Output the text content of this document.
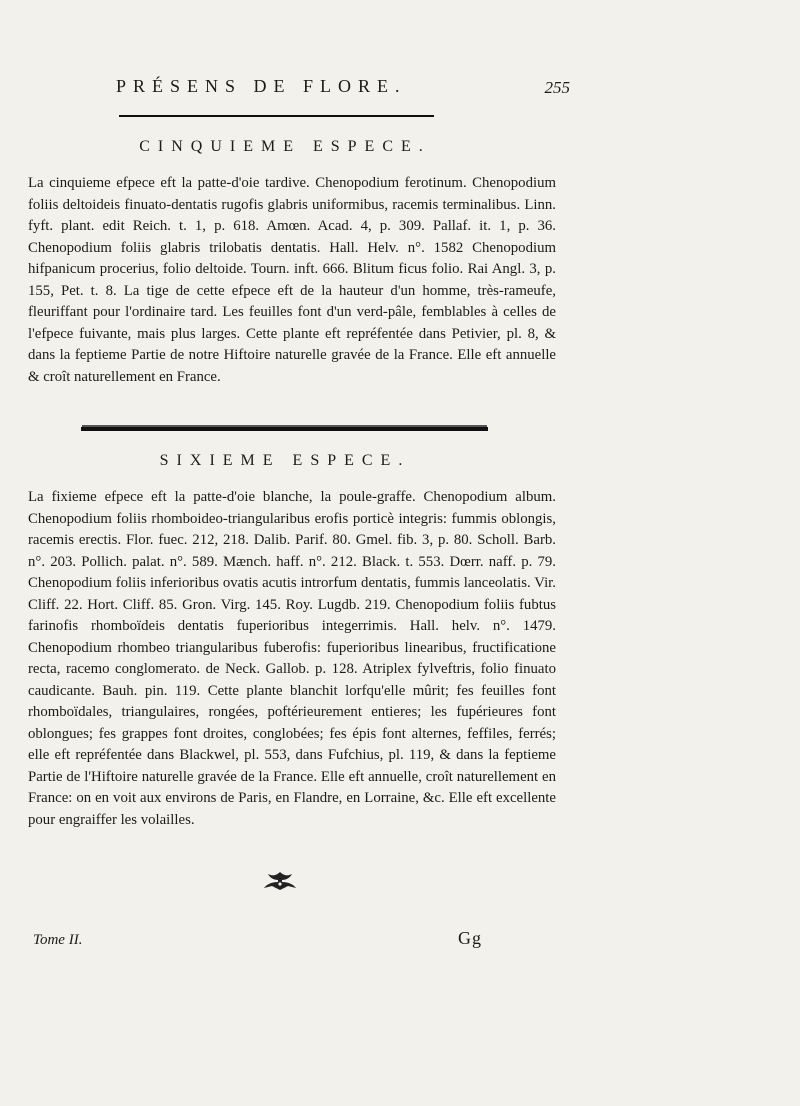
PRÉSENS DE FLORE.	255
CINQUIEME ESPECE.
La cinquieme efpece eft la patte-d'oie tardive. Chenopodium ferotinum. Chenopodium foliis deltoideis finuato-dentatis rugofis glabris uniformibus, racemis terminalibus. Linn. fyft. plant. edit Reich. t. 1, p. 618. Amœn. Acad. 4, p. 309. Pallaf. it. 1, p. 36. Chenopodium foliis glabris trilobatis dentatis. Hall. Helv. n°. 1582 Chenopodium hifpanicum procerius, folio deltoide. Tourn. inft. 666. Blitum ficus folio. Rai Angl. 3, p. 155, Pet. t. 8. La tige de cette efpece eft de la hauteur d'un homme, très-rameufe, fleuriffant pour l'ordinaire tard. Les feuilles font d'un verd-pâle, femblables à celles de l'efpece fuivante, mais plus larges. Cette plante eft repréfentée dans Petivier, pl. 8, & dans la feptieme Partie de notre Hiftoire naturelle gravée de la France. Elle eft annuelle & croît naturellement en France.
SIXIEME ESPECE.
La fixieme efpece eft la patte-d'oie blanche, la poule-graffe. Chenopodium album. Chenopodium foliis rhomboideo-triangularibus erofis porticè integris: fummis oblongis, racemis erectis. Flor. fuec. 212, 218. Dalib. Parif. 80. Gmel. fib. 3, p. 80. Scholl. Barb. n°. 203. Pollich. palat. n°. 589. Mænch. haff. n°. 212. Black. t. 553. Dœrr. naff. p. 79. Chenopodium foliis inferioribus ovatis acutis introrfum dentatis, fummis lanceolatis. Vir. Cliff. 22. Hort. Cliff. 85. Gron. Virg. 145. Roy. Lugdb. 219. Chenopodium foliis fubtus farinofis rhomboïdeis dentatis fuperioribus integerrimis. Hall. helv. n°. 1479. Chenopodium rhombeo triangularibus fuberofis: fuperioribus linearibus, fructificatione recta, racemo conglomerato. de Neck. Gallob. p. 128. Atriplex fylveftris, folio finuato caudicante. Bauh. pin. 119. Cette plante blanchit lorfqu'elle mûrit; fes feuilles font rhomboïdales, triangulaires, rongées, poftérieurement entieres; les fupérieures font oblongues; fes grappes font droites, conglobées; fes épis font alternes, feffiles, ferrés; elle eft repréfentée dans Blackwel, pl. 553, dans Fufchius, pl. 119, & dans la feptieme Partie de l'Hiftoire naturelle gravée de la France. Elle eft annuelle, croît naturellement en France: on en voit aux environs de Paris, en Flandre, en Lorraine, &c. Elle eft excellente pour engraiffer les volailles.
Tome II.	Gg
